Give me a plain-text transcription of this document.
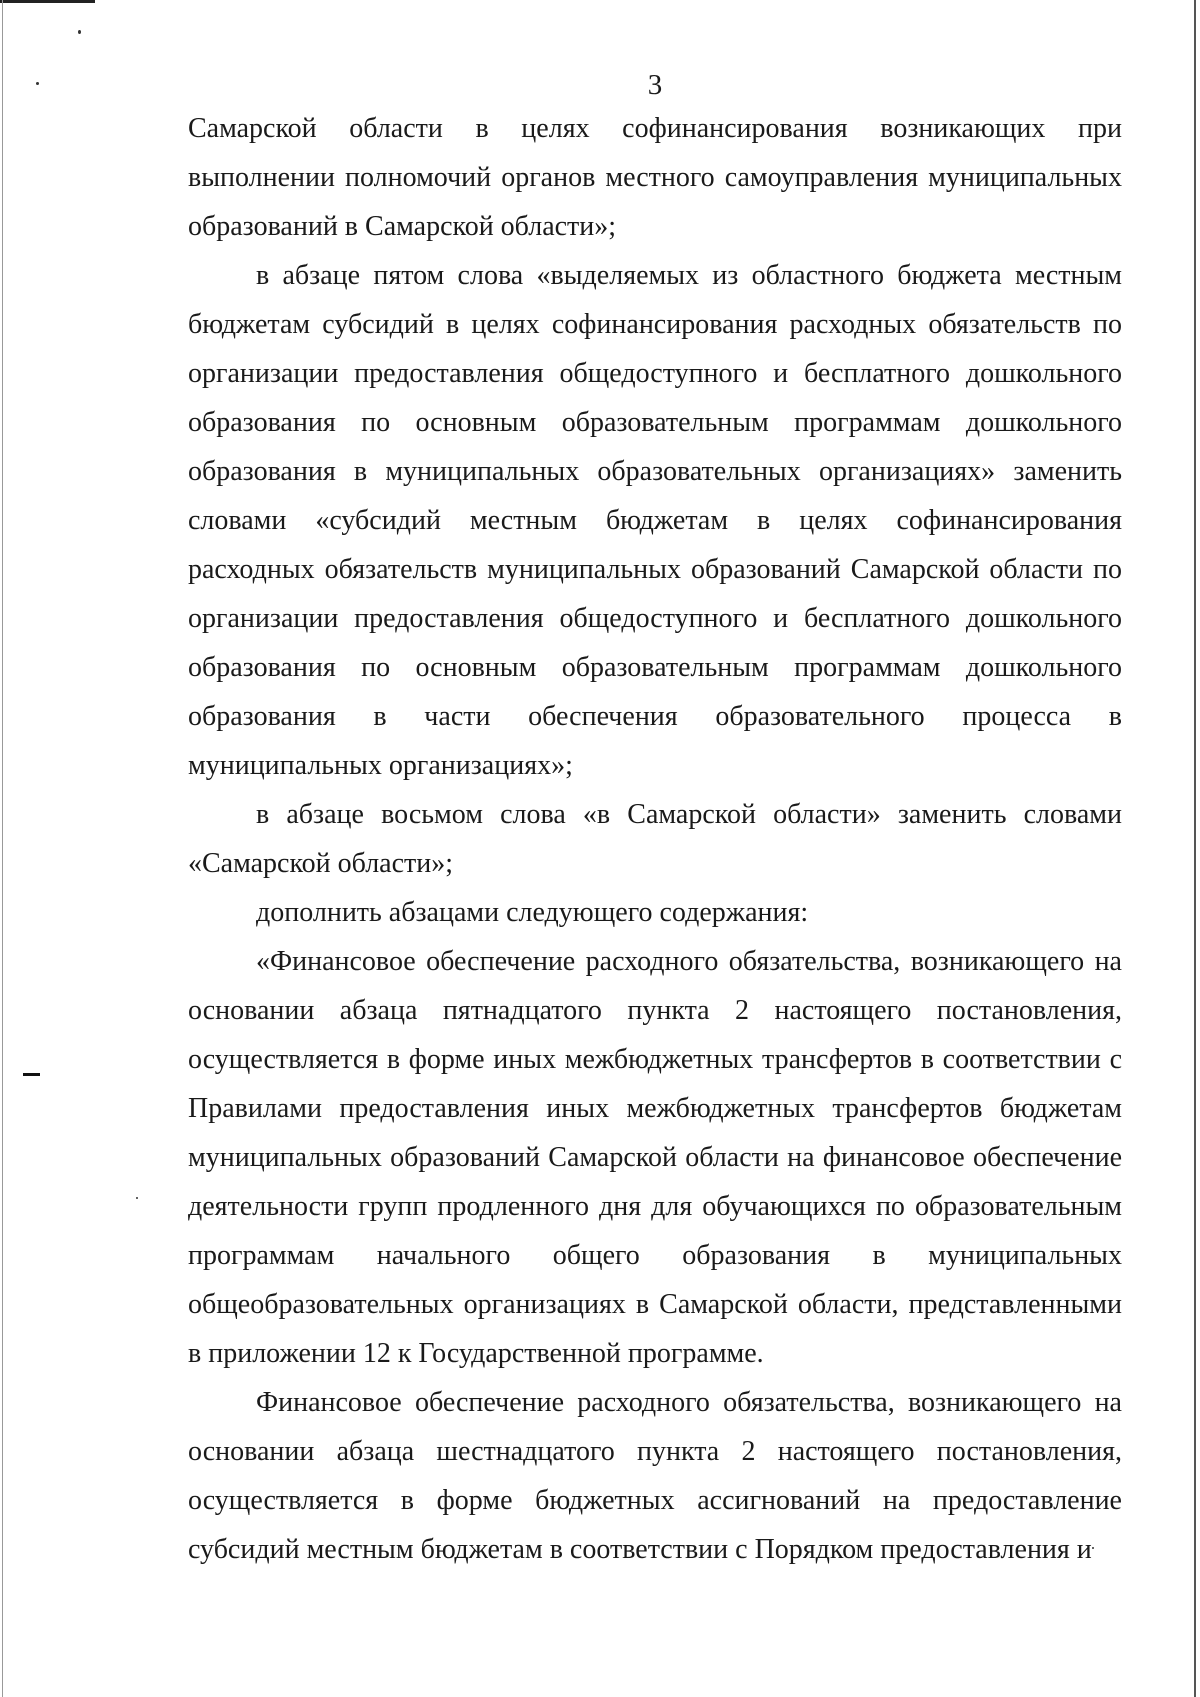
3

Самарской области в целях софинансирования возникающих при выполнении полномочий органов местного самоуправления муниципальных образований в Самарской области»;

в абзаце пятом слова «выделяемых из областного бюджета местным бюджетам субсидий в целях софинансирования расходных обязательств по организации предоставления общедоступного и бесплатного дошкольного образования по основным образовательным программам дошкольного образования в муниципальных образовательных организациях» заменить словами «субсидий местным бюджетам в целях софинансирования расходных обязательств муниципальных образований Самарской области по организации предоставления общедоступного и бесплатного дошкольного образования по основным образовательным программам дошкольного образования в части обеспечения образовательного процесса в муниципальных организациях»;

в абзаце восьмом слова «в Самарской области» заменить словами «Самарской области»;

дополнить абзацами следующего содержания:

«Финансовое обеспечение расходного обязательства, возникающего на основании абзаца пятнадцатого пункта 2 настоящего постановления, осуществляется в форме иных межбюджетных трансфертов в соответствии с Правилами предоставления иных межбюджетных трансфертов бюджетам муниципальных образований Самарской области на финансовое обеспечение деятельности групп продленного дня для обучающихся по образовательным программам начального общего образования в муниципальных общеобразовательных организациях в Самарской области, представленными в приложении 12 к Государственной программе.

Финансовое обеспечение расходного обязательства, возникающего на основании абзаца шестнадцатого пункта 2 настоящего постановления, осуществляется в форме бюджетных ассигнований на предоставление субсидий местным бюджетам в соответствии с Порядком предоставления и
